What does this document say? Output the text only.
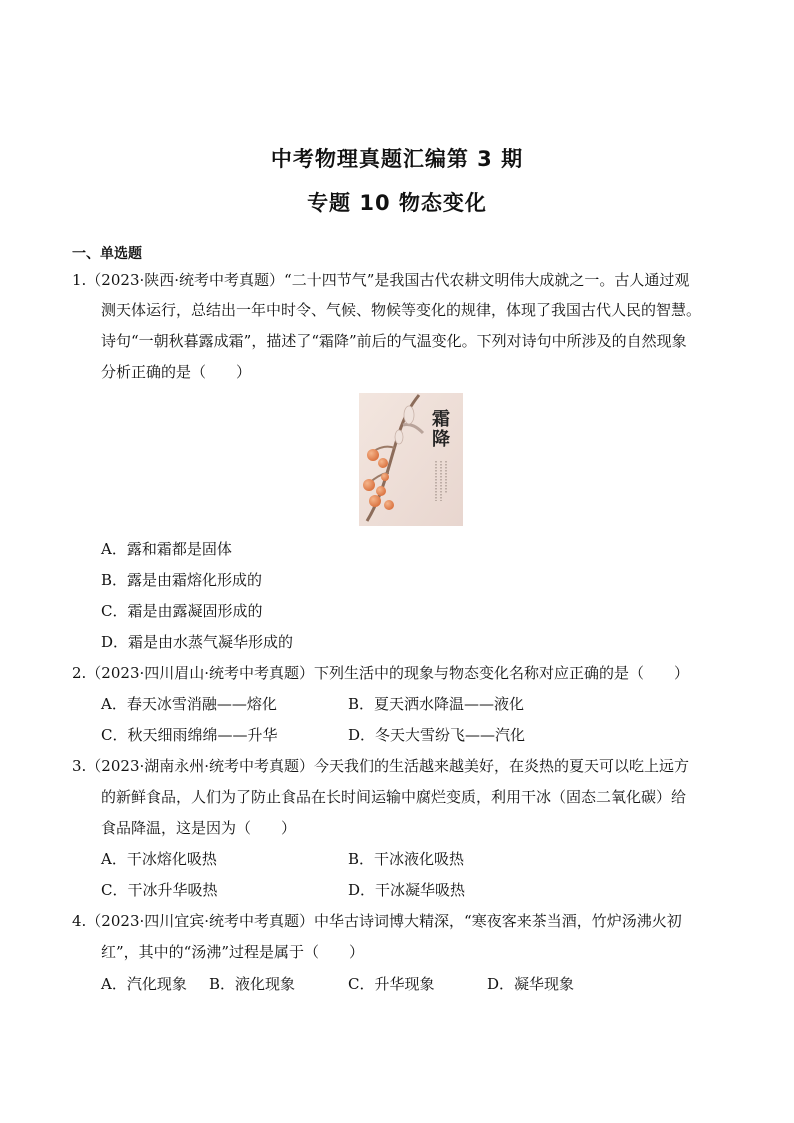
中考物理真题汇编第 3 期
专题 10 物态变化
一、单选题
1.（2023·陕西·统考中考真题）“二十四节气”是我国古代农耕文明伟大成就之一。古人通过观
测天体运行，总结出一年中时令、气候、物候等变化的规律，体现了我国古代人民的智慧。
诗句“一朝秋暮露成霜”，描述了“霜降”前后的气温变化。下列对诗句中所涉及的自然现象
分析正确的是（　　）
霜
降
A．露和霜都是固体
B．露是由霜熔化形成的
C．霜是由露凝固形成的
D．霜是由水蒸气凝华形成的
2.（2023·四川眉山·统考中考真题）下列生活中的现象与物态变化名称对应正确的是（　　）
A．春天冰雪消融——熔化	B．夏天洒水降温——液化
C．秋天细雨绵绵——升华	D．冬天大雪纷飞——汽化
3.（2023·湖南永州·统考中考真题）今天我们的生活越来越美好，在炎热的夏天可以吃上远方
的新鲜食品，人们为了防止食品在长时间运输中腐烂变质，利用干冰（固态二氧化碳）给
食品降温，这是因为（　　）
A．干冰熔化吸热	B．干冰液化吸热
C．干冰升华吸热	D．干冰凝华吸热
4.（2023·四川宜宾·统考中考真题）中华古诗词博大精深，“寒夜客来茶当酒，竹炉汤沸火初
红”，其中的“汤沸”过程是属于（　　）
A．汽化现象 B．液化现象	C．升华现象	D．凝华现象
